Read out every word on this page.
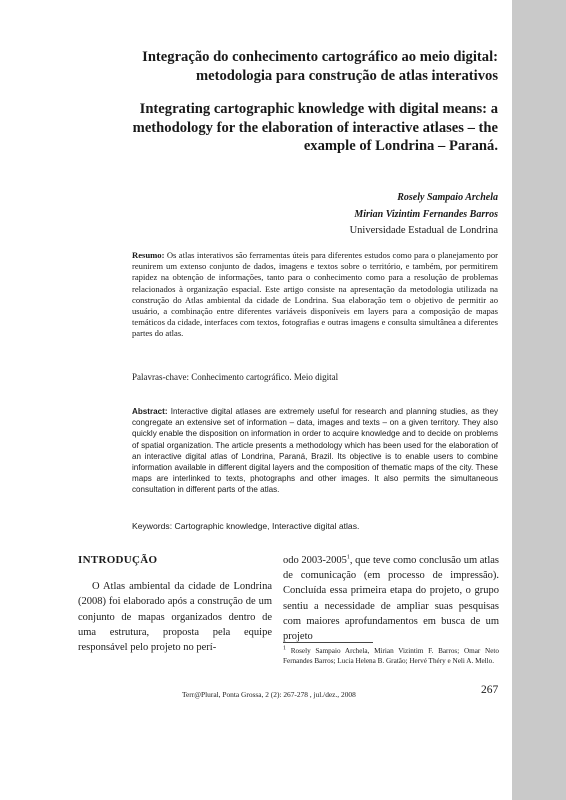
Integração do conhecimento cartográfico ao meio digital:
metodologia para construção de atlas interativos
Integrating cartographic knowledge with digital means: a
methodology for the elaboration of interactive atlases – the
example of Londrina – Paraná.
Rosely Sampaio Archela
Mirian Vizintim Fernandes Barros
Universidade Estadual de Londrina
Resumo: Os atlas interativos são ferramentas úteis para diferentes estudos como para o planejamento por reunirem um extenso conjunto de dados, imagens e textos sobre o território, e também, por permitirem rapidez na obtenção de informações, tanto para o conhecimento como para a resolução de problemas relacionados à organização espacial. Este artigo consiste na apresentação da metodologia utilizada na construção do Atlas ambiental da cidade de Londrina. Sua elaboração tem o objetivo de permitir ao usuário, a combinação entre diferentes variáveis disponíveis em layers para a composição de mapas temáticos da cidade, interfaces com textos, fotografias e outras imagens e consulta simultânea a diferentes partes do atlas.
Palavras-chave: Conhecimento cartográfico. Meio digital
Abstract: Interactive digital atlases are extremely useful for research and planning studies, as they congregate an extensive set of information – data, images and texts – on a given territory. They also quickly enable the disposition on information in order to acquire knowledge and to decide on problems of spatial organization. The article presents a methodology which has been used for the elaboration of an interactive digital atlas of Londrina, Paraná, Brazil. Its objective is to enable users to combine information available in different digital layers and the composition of thematic maps of the city. These maps are interlinked to texts, photographs and other images. It also permits the simultaneous consultation in different parts of the atlas.
Keywords: Cartographic knowledge, Interactive digital atlas.
INTRODUÇÃO
O Atlas ambiental da cidade de Londrina (2008) foi elaborado após a construção de um conjunto de mapas organizados dentro de uma estrutura, proposta pela equipe responsável pelo projeto no perí-
odo 2003-2005$^1$, que teve como conclusão um atlas de comunicação (em processo de impressão). Concluída essa primeira etapa do projeto, o grupo sentiu a necessidade de ampliar suas pesquisas com maiores aprofundamentos em busca de um projeto
$^1$ Rosely Sampaio Archela, Mirian Vizintim F. Barros; Omar Neto Fernandes Barros; Lucia Helena B. Gratão; Hervé Théry e Neli A. Mello.
Terr@Plural, Ponta Grossa, 2 (2): 267-278 , jul./dez., 2008	267
